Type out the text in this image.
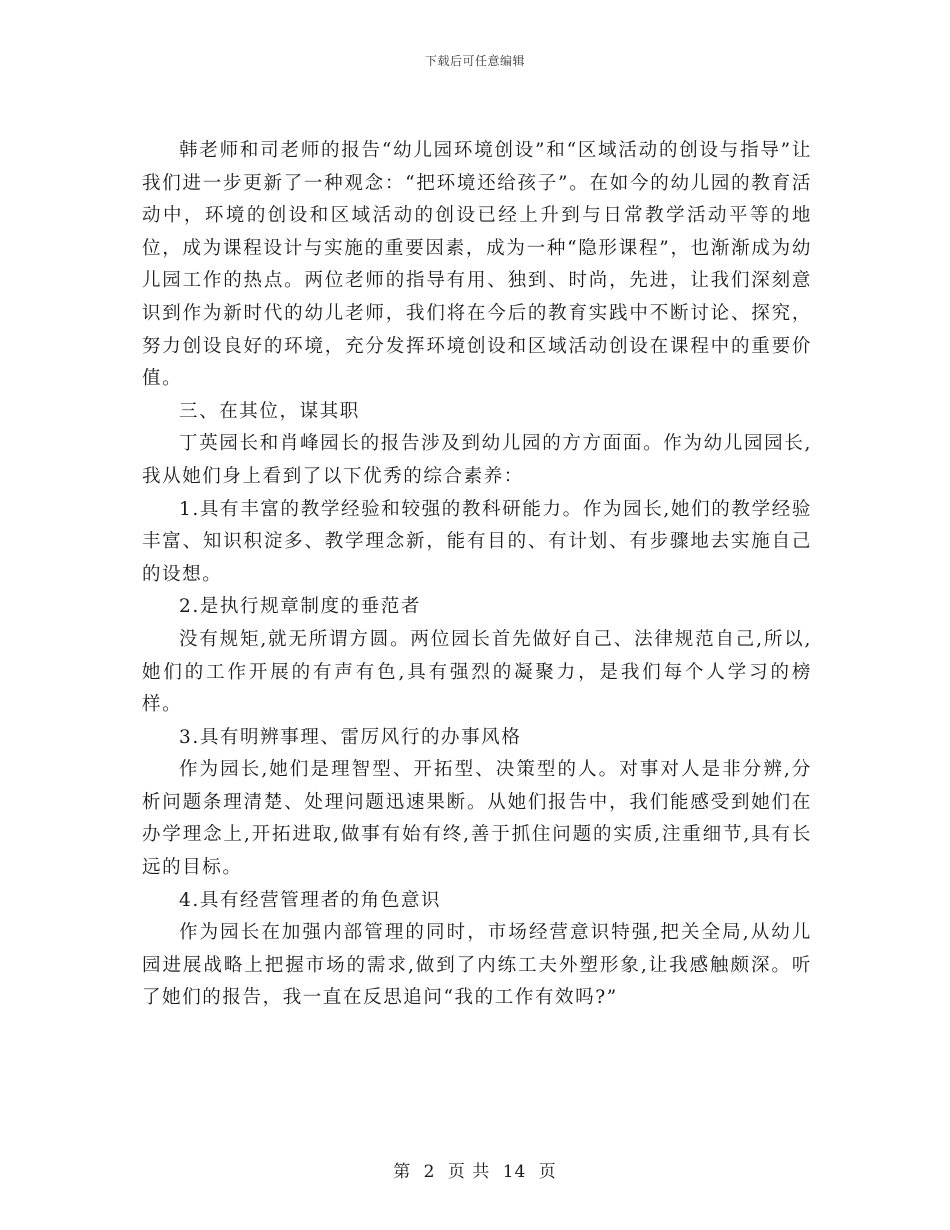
下载后可任意编辑

韩老师和司老师的报告“幼儿园环境创设”和“区域活动的创设与指导”让我们进一步更新了一种观念：“把环境还给孩子”。在如今的幼儿园的教育活动中，环境的创设和区域活动的创设已经上升到与日常教学活动平等的地位，成为课程设计与实施的重要因素，成为一种“隐形课程”，也渐渐成为幼儿园工作的热点。两位老师的指导有用、独到、时尚，先进，让我们深刻意识到作为新时代的幼儿老师，我们将在今后的教育实践中不断讨论、探究，努力创设良好的环境，充分发挥环境创设和区域活动创设在课程中的重要价值。

三、在其位，谋其职

丁英园长和肖峰园长的报告涉及到幼儿园的方方面面。作为幼儿园园长,我从她们身上看到了以下优秀的综合素养：

1.具有丰富的教学经验和较强的教科研能力。作为园长,她们的教学经验丰富、知识积淀多、教学理念新，能有目的、有计划、有步骤地去实施自己的设想。

2.是执行规章制度的垂范者

没有规矩,就无所谓方圆。两位园长首先做好自己、法律规范自己,所以,她们的工作开展的有声有色,具有强烈的凝聚力，是我们每个人学习的榜样。

3.具有明辨事理、雷厉风行的办事风格

作为园长,她们是理智型、开拓型、决策型的人。对事对人是非分辨,分析问题条理清楚、处理问题迅速果断。从她们报告中，我们能感受到她们在办学理念上,开拓进取,做事有始有终,善于抓住问题的实质,注重细节,具有长远的目标。

4.具有经营管理者的角色意识

作为园长在加强内部管理的同时，市场经营意识特强,把关全局,从幼儿园进展战略上把握市场的需求,做到了内练工夫外塑形象,让我感触颇深。听了她们的报告，我一直在反思追问“我的工作有效吗?”

第 2 页 共 14 页
